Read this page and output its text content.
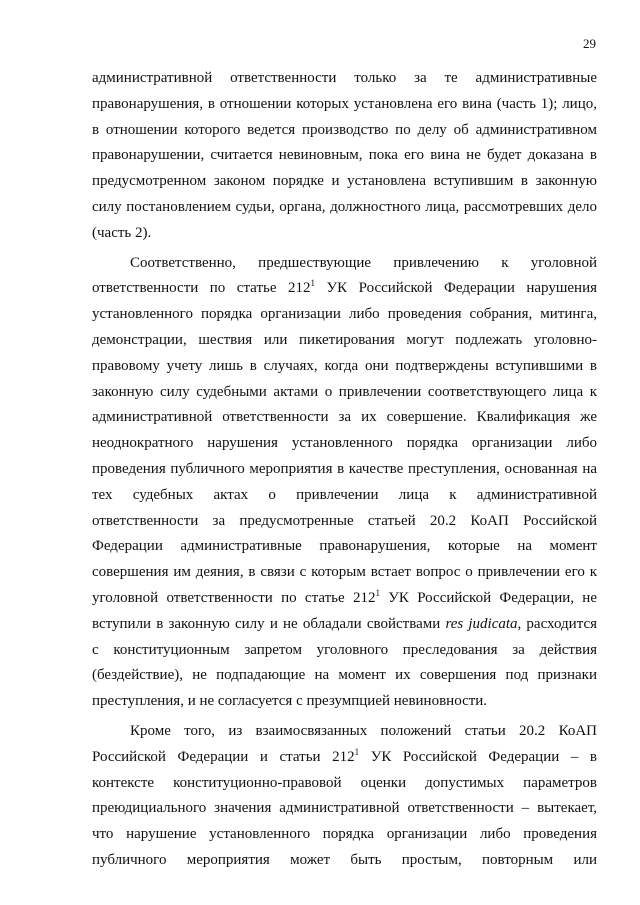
29
административной ответственности только за те административные
правонарушения, в отношении которых установлена его вина (часть 1); лицо,
в отношении которого ведется производство по делу об административном
правонарушении, считается невиновным, пока его вина не будет доказана в
предусмотренном законом порядке и установлена вступившим в законную
силу постановлением судьи, органа, должностного лица, рассмотревших дело
(часть 2).
Соответственно, предшествующие привлечению к уголовной
ответственности по статье $212^1$ УК Российской Федерации нарушения
установленного порядка организации либо проведения собрания, митинга,
демонстрации, шествия или пикетирования могут подлежать уголовно-
правовому учету лишь в случаях, когда они подтверждены вступившими в
законную силу судебными актами о привлечении соответствующего лица к
административной ответственности за их совершение. Квалификация же
неоднократного нарушения установленного порядка организации либо
проведения публичного мероприятия в качестве преступления, основанная на
тех судебных актах о привлечении лица к административной
ответственности за предусмотренные статьей 20.2 КоАП Российской
Федерации административные правонарушения, которые на момент
совершения им деяния, в связи с которым встает вопрос о привлечении его к
уголовной ответственности по статье $212^1$ УК Российской Федерации, не
вступили в законную силу и не обладали свойствами res judicata, расходится
с конституционным запретом уголовного преследования за действия
(бездействие), не подпадающие на момент их совершения под признаки
преступления, и не согласуется с презумпцией невиновности.
Кроме того, из взаимосвязанных положений статьи 20.2 КоАП
Российской Федерации и статьи $212^1$ УК Российской Федерации – в
контексте конституционно-правовой оценки допустимых параметров
преюдициального значения административной ответственности – вытекает,
что нарушение установленного порядка организации либо проведения
публичного мероприятия может быть простым, повторным или
